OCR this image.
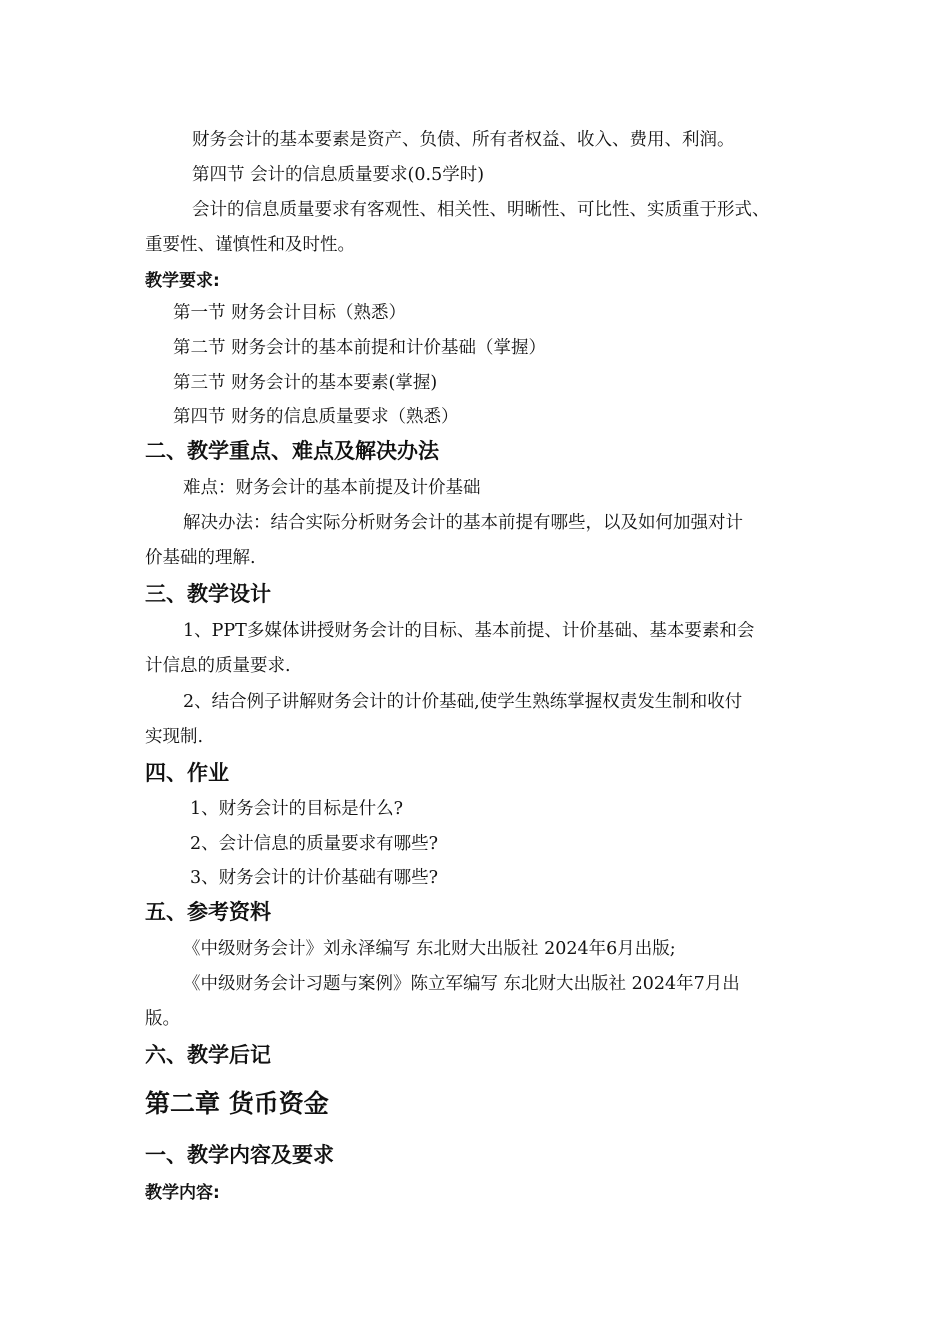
财务会计的基本要素是资产、负债、所有者权益、收入、费用、利润。
第四节 会计的信息质量要求(0.5学时)
会计的信息质量要求有客观性、相关性、明晰性、可比性、实质重于形式、
重要性、谨慎性和及时性。
教学要求:
第一节 财务会计目标（熟悉）
第二节 财务会计的基本前提和计价基础（掌握）
第三节 财务会计的基本要素(掌握)
第四节 财务的信息质量要求（熟悉）
二、教学重点、难点及解决办法
难点：财务会计的基本前提及计价基础
解决办法：结合实际分析财务会计的基本前提有哪些，以及如何加强对计
价基础的理解.
三、教学设计
1、PPT多媒体讲授财务会计的目标、基本前提、计价基础、基本要素和会
计信息的质量要求.
2、结合例子讲解财务会计的计价基础,使学生熟练掌握权责发生制和收付
实现制.
四、作业
1、财务会计的目标是什么?
2、会计信息的质量要求有哪些?
3、财务会计的计价基础有哪些?
五、参考资料
《中级财务会计》刘永泽编写 东北财大出版社 2024年6月出版;
《中级财务会计习题与案例》陈立军编写 东北财大出版社 2024年7月出
版。
六、教学后记
第二章 货币资金
一、教学内容及要求
教学内容:
